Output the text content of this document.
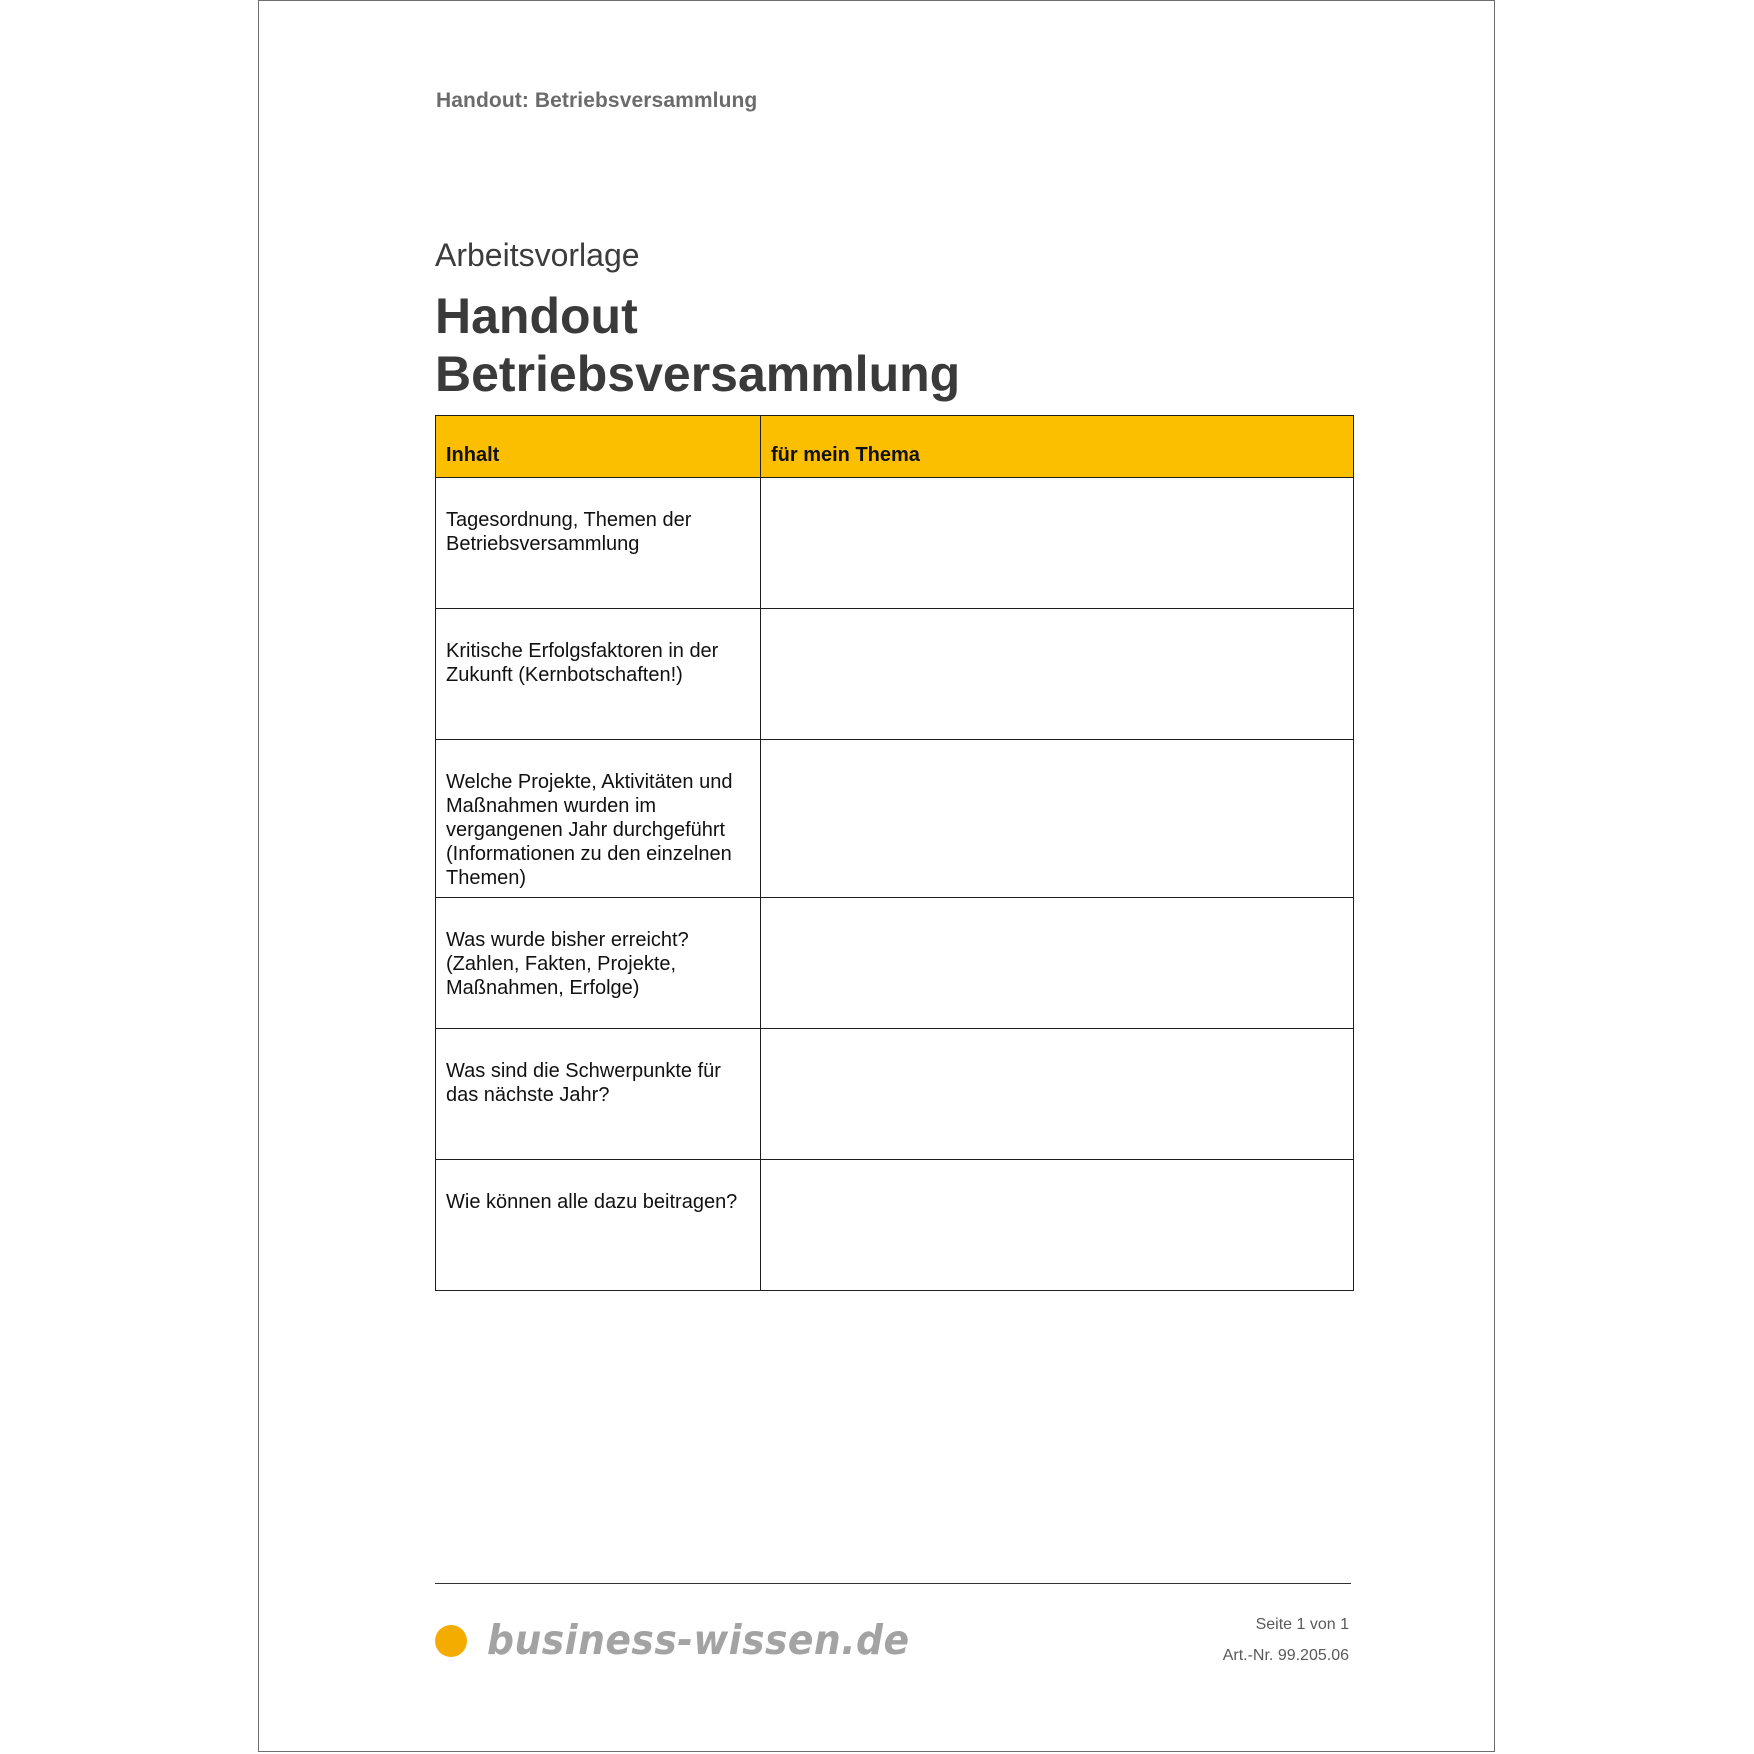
Handout: Betriebsversammlung
Arbeitsvorlage
Handout
Betriebsversammlung
Inhalt	für mein Thema
Tagesordnung, Themen der Betriebsversammlung	
Kritische Erfolgsfaktoren in der Zukunft (Kernbotschaften!)	
Welche Projekte, Aktivitäten und Maßnahmen wurden im vergangenen Jahr durchgeführt (Informationen zu den einzelnen Themen)	
Was wurde bisher erreicht? (Zahlen, Fakten, Projekte, Maßnahmen, Erfolge)	
Was sind die Schwerpunkte für das nächste Jahr?	
Wie können alle dazu beitragen?	
business-wissen.de	Seite 1 von 1
Art.-Nr. 99.205.06
